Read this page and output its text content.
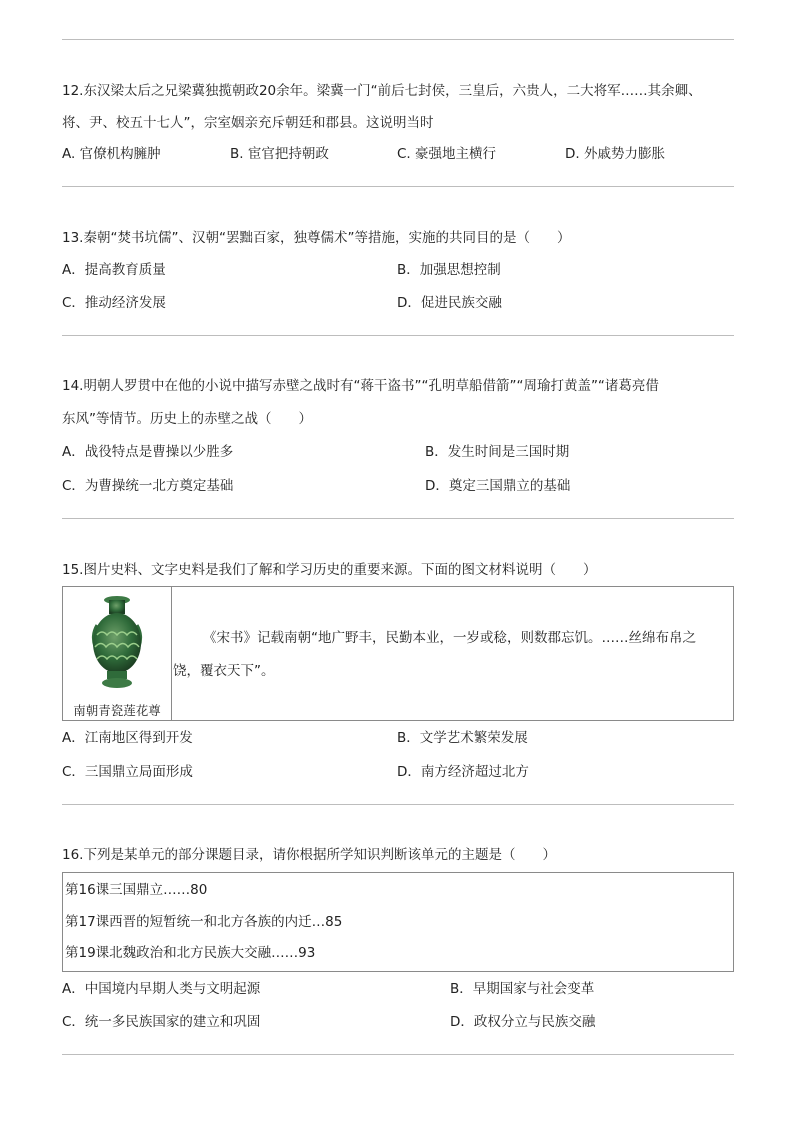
12.东汉梁太后之兄梁冀独揽朝政20余年。梁冀一门“前后七封侯，三皇后，六贵人，二大将军……其余卿、
将、尹、校五十七人”，宗室姻亲充斥朝廷和郡县。这说明当时
A. 官僚机构臃肿	B. 宦官把持朝政	C. 豪强地主横行	D. 外戚势力膨胀
13.秦朝“焚书坑儒”、汉朝“罢黜百家，独尊儒术”等措施，实施的共同目的是（　　）
A．提高教育质量	B．加强思想控制
C．推动经济发展	D．促进民族交融
14.明朝人罗贯中在他的小说中描写赤壁之战时有“蒋干盗书”“孔明草船借箭”“周瑜打黄盖”“诸葛亮借
东风”等情节。历史上的赤壁之战（　　）
A．战役特点是曹操以少胜多	B．发生时间是三国时期
C．为曹操统一北方奠定基础	D．奠定三国鼎立的基础
15.图片史料、文字史料是我们了解和学习历史的重要来源。下面的图文材料说明（　　）
南朝青瓷莲花尊
《宋书》记载南朝“地广野丰，民勤本业，一岁或稔，则数郡忘饥。……丝绵布帛之
饶，覆衣天下”。
A．江南地区得到开发	B．文学艺术繁荣发展
C．三国鼎立局面形成	D．南方经济超过北方
16.下列是某单元的部分课题目录，请你根据所学知识判断该单元的主题是（　　）
第16课三国鼎立……80
第17课西晋的短暂统一和北方各族的内迁…85
第19课北魏政治和北方民族大交融……93
A．中国境内早期人类与文明起源	B．早期国家与社会变革
C．统一多民族国家的建立和巩固	D．政权分立与民族交融
